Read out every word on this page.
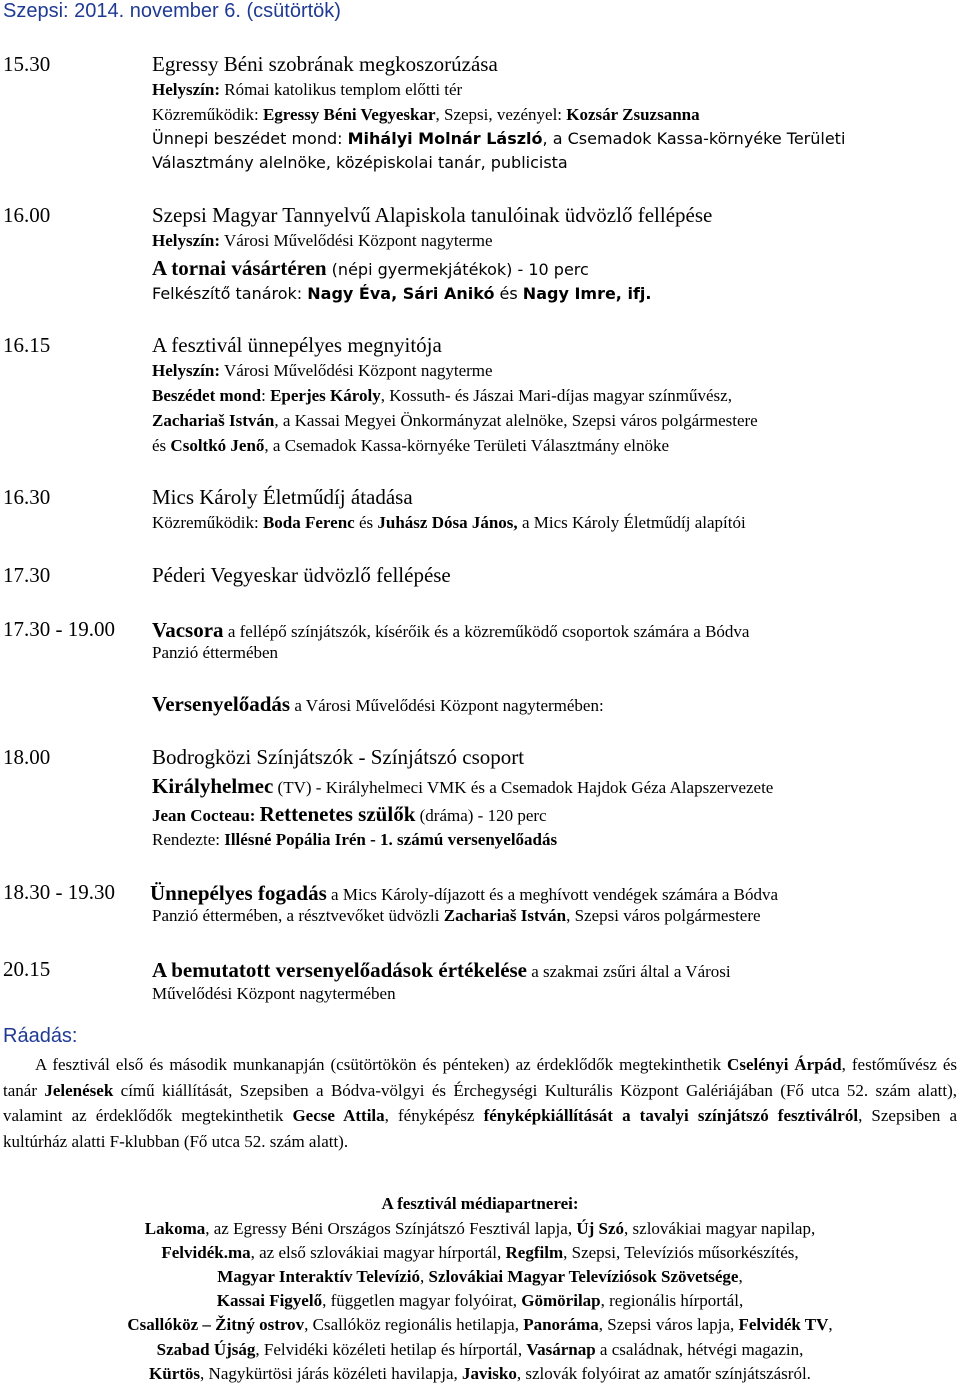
Szepsi: 2014. november 6. (csütörtök)
15.30	Egressy Béni szobrának megkoszorúzása
Helyszín: Római katolikus templom előtti tér
Közreműködik: Egressy Béni Vegyeskar, Szepsi, vezényel: Kozsár Zsuzsanna
Ünnepi beszédet mond: Mihályi Molnár László, a Csemadok Kassa-környéke Területi
Választmány alelnöke, középiskolai tanár, publicista
16.00	Szepsi Magyar Tannyelvű Alapiskola tanulóinak üdvözlő fellépése
Helyszín: Városi Művelődési Központ nagyterme
A tornai vásártéren (népi gyermekjátékok) - 10 perc
Felkészítő tanárok: Nagy Éva, Sári Anikó és Nagy Imre, ifj.
16.15	A fesztivál ünnepélyes megnyitója
Helyszín: Városi Művelődési Központ nagyterme
Beszédet mond: Eperjes Károly, Kossuth- és Jászai Mari-díjas magyar színművész,
Zachariaš István, a Kassai Megyei Önkormányzat alelnöke, Szepsi város polgármestere
és Csoltkó Jenő, a Csemadok Kassa-környéke Területi Választmány elnöke
16.30	Mics Károly Életműdíj átadása
Közreműködik: Boda Ferenc és Juhász Dósa János, a Mics Károly Életműdíj alapítói
17.30	Péderi Vegyeskar üdvözlő fellépése
17.30 - 19.00 Vacsora a fellépő színjátszók, kísérőik és a közreműködő csoportok számára a Bódva
Panzió éttermében
Versenyelőadás a Városi Művelődési Központ nagytermében:
18.00	Bodrogközi Színjátszók - Színjátszó csoport
Királyhelmec (TV) - Királyhelmeci VMK és a Csemadok Hajdok Géza Alapszervezete
Jean Cocteau: Rettenetes szülők (dráma) - 120 perc
Rendezte: Illésné Popália Irén - 1. számú versenyelőadás
18.30 - 19.30 Ünnepélyes fogadás a Mics Károly-díjazott és a meghívott vendégek számára a Bódva
Panzió éttermében, a résztvevőket üdvözli Zachariaš István, Szepsi város polgármestere
20.15	A bemutatott versenyelőadások értékelése a szakmai zsűri által a Városi
Művelődési Központ nagytermében
Ráadás:

A fesztivál első és második munkanapján (csütörtökön és pénteken) az érdeklődők megtekinthetik Cselényi Árpád, festőművész és tanár Jelenések című kiállítását, Szepsiben a Bódva-völgyi és Érchegységi Kulturális Központ Galériájában (Fő utca 52. szám alatt), valamint az érdeklődők megtekinthetik Gecse Attila, fényképész fényképkiállítását a tavalyi színjátszó fesztiválról, Szepsiben a kultúrház alatti F-klubban (Fő utca 52. szám alatt).

A fesztivál médiapartnerei:
Lakoma, az Egressy Béni Országos Színjátszó Fesztivál lapja, Új Szó, szlovákiai magyar napilap,
Felvidék.ma, az első szlovákiai magyar hírportál, Regfilm, Szepsi, Televíziós műsorkészítés,
Magyar Interaktív Televízió, Szlovákiai Magyar Televíziósok Szövetsége,
Kassai Figyelő, független magyar folyóirat, Gömörilap, regionális hírportál,
Csallóköz – Žitný ostrov, Csallóköz regionális hetilapja, Panoráma, Szepsi város lapja, Felvidék TV,
Szabad Újság, Felvidéki közéleti hetilap és hírportál, Vasárnap a családnak, hétvégi magazin,
Kürtös, Nagykürtösi járás közéleti havilapja, Javisko, szlovák folyóirat az amatőr színjátszásról.
